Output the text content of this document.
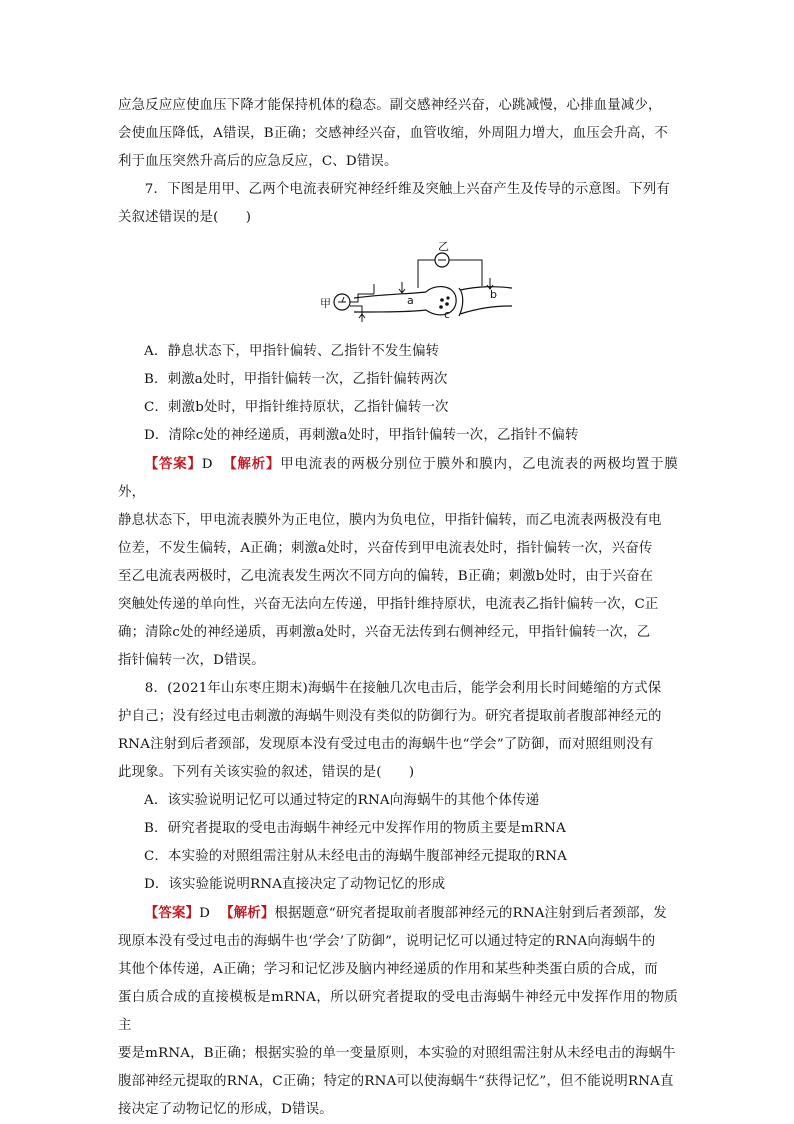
应急反应应使血压下降才能保持机体的稳态。副交感神经兴奋，心跳减慢，心排血量减少，

会使血压降低，A错误，B正确；交感神经兴奋，血管收缩，外周阻力增大，血压会升高，不

利于血压突然升高后的应急反应，C、D错误。

7．下图是用甲、乙两个电流表研究神经纤维及突触上兴奋产生及传导的示意图。下列有

关叙述错误的是(　　)

甲
c
乙
a	b

A．静息状态下，甲指针偏转、乙指针不发生偏转

B．刺激a处时，甲指针偏转一次，乙指针偏转两次

C．刺激b处时，甲指针维持原状，乙指针偏转一次

D．清除c处的神经递质，再刺激a处时，甲指针偏转一次，乙指针不偏转

【答案】D 【解析】甲电流表的两极分别位于膜外和膜内，乙电流表的两极均置于膜外，

静息状态下，甲电流表膜外为正电位，膜内为负电位，甲指针偏转，而乙电流表两极没有电

位差，不发生偏转，A正确；刺激a处时，兴奋传到甲电流表处时，指针偏转一次，兴奋传

至乙电流表两极时，乙电流表发生两次不同方向的偏转，B正确；刺激b处时，由于兴奋在

突触处传递的单向性，兴奋无法向左传递，甲指针维持原状，电流表乙指针偏转一次，C正

确；清除c处的神经递质，再刺激a处时，兴奋无法传到右侧神经元，甲指针偏转一次，乙

指针偏转一次，D错误。

8．(2021年山东枣庄期末)海蜗牛在接触几次电击后，能学会利用长时间蜷缩的方式保

护自己；没有经过电击刺激的海蜗牛则没有类似的防御行为。研究者提取前者腹部神经元的

RNA注射到后者颈部，发现原本没有受过电击的海蜗牛也“学会”了防御，而对照组则没有

此现象。下列有关该实验的叙述，错误的是(　　)

A．该实验说明记忆可以通过特定的RNA向海蜗牛的其他个体传递

B．研究者提取的受电击海蜗牛神经元中发挥作用的物质主要是mRNA

C．本实验的对照组需注射从未经电击的海蜗牛腹部神经元提取的RNA

D．该实验能说明RNA直接决定了动物记忆的形成

【答案】D 【解析】根据题意“研究者提取前者腹部神经元的RNA注射到后者颈部，发

现原本没有受过电击的海蜗牛也‘学会’了防御”，说明记忆可以通过特定的RNA向海蜗牛的

其他个体传递，A正确；学习和记忆涉及脑内神经递质的作用和某些种类蛋白质的合成，而

蛋白质合成的直接模板是mRNA，所以研究者提取的受电击海蜗牛神经元中发挥作用的物质主

要是mRNA，B正确；根据实验的单一变量原则，本实验的对照组需注射从未经电击的海蜗牛

腹部神经元提取的RNA，C正确；特定的RNA可以使海蜗牛“获得记忆”，但不能说明RNA直

接决定了动物记忆的形成，D错误。
